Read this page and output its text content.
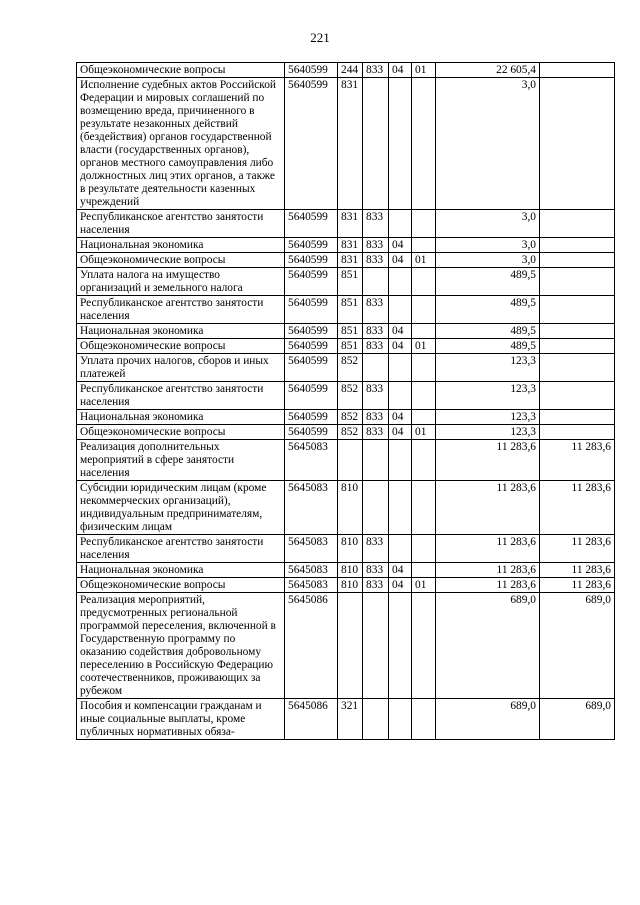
221
Общеэкономические вопросы	5640599	244	833	04	01	22 605,4	
Исполнение судебных актов Российской Федерации и мировых соглашений по возмещению вреда, причиненного в результате незаконных действий (бездействия) органов государственной власти (государственных органов), органов местного самоуправления либо должностных лиц этих органов, а также в результате деятельности казенных учреждений	5640599	831				3,0	
Республиканское агентство занятости населения	5640599	831	833			3,0	
Национальная экономика	5640599	831	833	04		3,0	
Общеэкономические вопросы	5640599	831	833	04	01	3,0	
Уплата налога на имущество организаций и земельного налога	5640599	851				489,5	
Республиканское агентство занятости населения	5640599	851	833			489,5	
Национальная экономика	5640599	851	833	04		489,5	
Общеэкономические вопросы	5640599	851	833	04	01	489,5	
Уплата прочих налогов, сборов и иных платежей	5640599	852				123,3	
Республиканское агентство занятости населения	5640599	852	833			123,3	
Национальная экономика	5640599	852	833	04		123,3	
Общеэкономические вопросы	5640599	852	833	04	01	123,3	
Реализация дополнительных мероприятий в сфере занятости населения	5645083					11 283,6	11 283,6
Субсидии юридическим лицам (кроме некоммерческих организаций), индивидуальным предпринимателям, физическим лицам	5645083	810				11 283,6	11 283,6
Республиканское агентство занятости населения	5645083	810	833			11 283,6	11 283,6
Национальная экономика	5645083	810	833	04		11 283,6	11 283,6
Общеэкономические вопросы	5645083	810	833	04	01	11 283,6	11 283,6
Реализация мероприятий, предусмотренных региональной программой переселения, включенной в Государственную программу по оказанию содействия добровольному переселению в Российскую Федерацию соотечественников, проживающих за рубежом	5645086					689,0	689,0
Пособия и компенсации гражданам и иные социальные выплаты, кроме публичных нормативных обяза-	5645086	321				689,0	689,0
